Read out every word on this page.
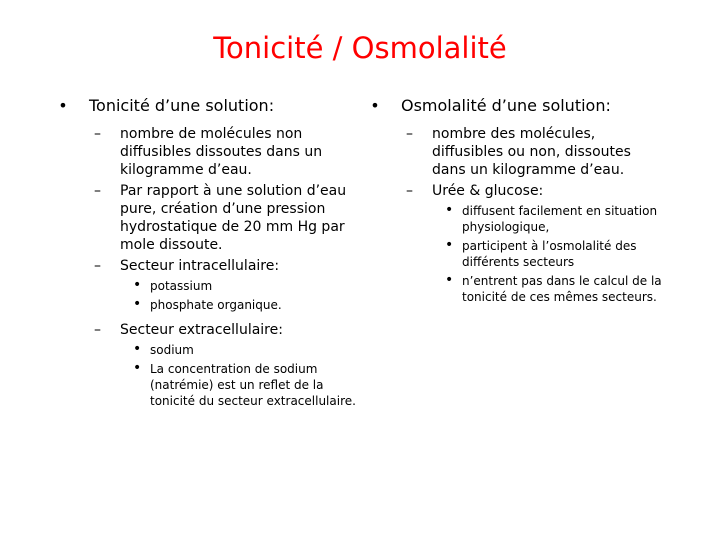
Tonicité / Osmolalité
• Tonicité d’une solution:
– nombre de molécules non diffusibles dissoutes dans un kilogramme d’eau.
– Par rapport à une solution d’eau pure, création d’une pression hydrostatique de 20 mm Hg par mole dissoute.
– Secteur intracellulaire:
• potassium
• phosphate organique.
– Secteur extracellulaire:
• sodium
• La concentration de sodium (natrémie) est un reflet de la tonicité du secteur extracellulaire.
• Osmolalité d’une solution:
– nombre des molécules, diffusibles ou non, dissoutes dans un kilogramme d’eau.
– Urée & glucose:
• diffusent facilement en situation physiologique,
• participent à l’osmolalité des différents secteurs
• n’entrent pas dans le calcul de la tonicité de ces mêmes secteurs.
